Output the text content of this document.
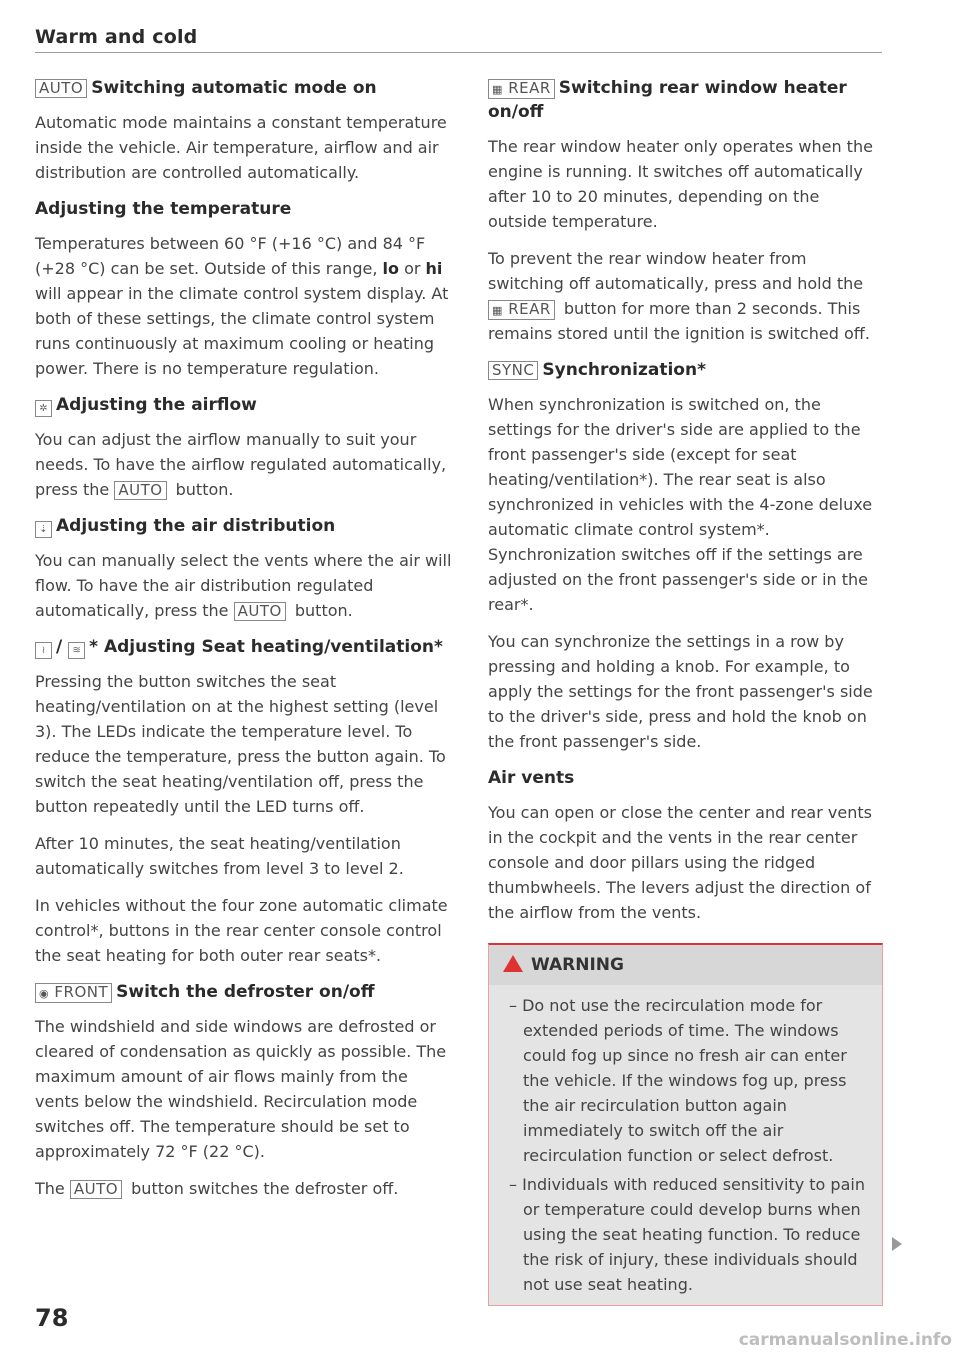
Warm and cold
AUTO Switching automatic mode on

Automatic mode maintains a constant temperature inside the vehicle. Air temperature, airflow and air distribution are controlled automatically.

Adjusting the temperature

Temperatures between 60 °F (+16 °C) and 84 °F (+28 °C) can be set. Outside of this range, lo or hi will appear in the climate control system display. At both of these settings, the climate control system runs continuously at maximum cooling or heating power. There is no temperature regulation.

✲ Adjusting the airflow

You can adjust the airflow manually to suit your needs. To have the airflow regulated automatically, press the AUTO button.

⇣ Adjusting the air distribution

You can manually select the vents where the air will flow. To have the air distribution regulated automatically, press the AUTO button.

≀ / ≋ * Adjusting Seat heating/ventilation*

Pressing the button switches the seat heating/ventilation on at the highest setting (level 3). The LEDs indicate the temperature level. To reduce the temperature, press the button again. To switch the seat heating/ventilation off, press the button repeatedly until the LED turns off.

After 10 minutes, the seat heating/ventilation automatically switches from level 3 to level 2.

In vehicles without the four zone automatic climate control*, buttons in the rear center console control the seat heating for both outer rear seats*.

◉ FRONT Switch the defroster on/off

The windshield and side windows are defrosted or cleared of condensation as quickly as possible. The maximum amount of air flows mainly from the vents below the windshield. Recirculation mode switches off. The temperature should be set to approximately 72 °F (22 °C).

The AUTO button switches the defroster off.

▦ REAR Switching rear window heater on/off

The rear window heater only operates when the engine is running. It switches off automatically after 10 to 20 minutes, depending on the outside temperature.

To prevent the rear window heater from switching off automatically, press and hold the ▦ REAR button for more than 2 seconds. This remains stored until the ignition is switched off.

SYNC Synchronization*

When synchronization is switched on, the settings for the driver's side are applied to the front passenger's side (except for seat heating/ventilation*). The rear seat is also synchronized in vehicles with the 4-zone deluxe automatic climate control system*. Synchronization switches off if the settings are adjusted on the front passenger's side or in the rear*.

You can synchronize the settings in a row by pressing and holding a knob. For example, to apply the settings for the front passenger's side to the driver's side, press and hold the knob on the front passenger's side.

Air vents

You can open or close the center and rear vents in the cockpit and the vents in the rear center console and door pillars using the ridged thumbwheels. The levers adjust the direction of the airflow from the vents.

WARNING
– Do not use the recirculation mode for extended periods of time. The windows could fog up since no fresh air can enter the vehicle. If the windows fog up, press the air recirculation button again immediately to switch off the air recirculation function or select defrost.
– Individuals with reduced sensitivity to pain or temperature could develop burns when using the seat heating function. To reduce the risk of injury, these individuals should not use seat heating.
78
carmanualsonline.info
